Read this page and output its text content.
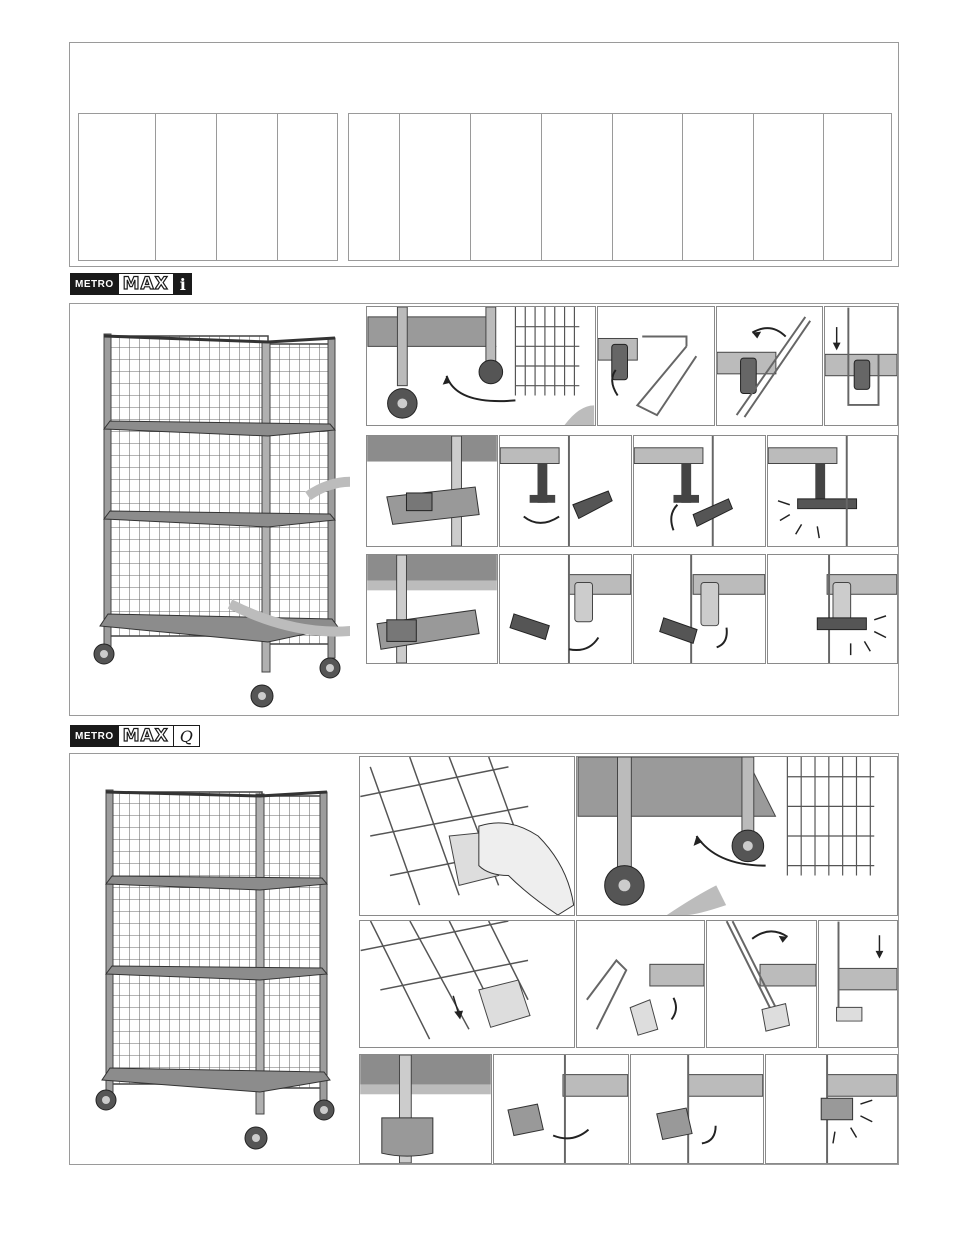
METRO MAX i
METRO MAX Q
